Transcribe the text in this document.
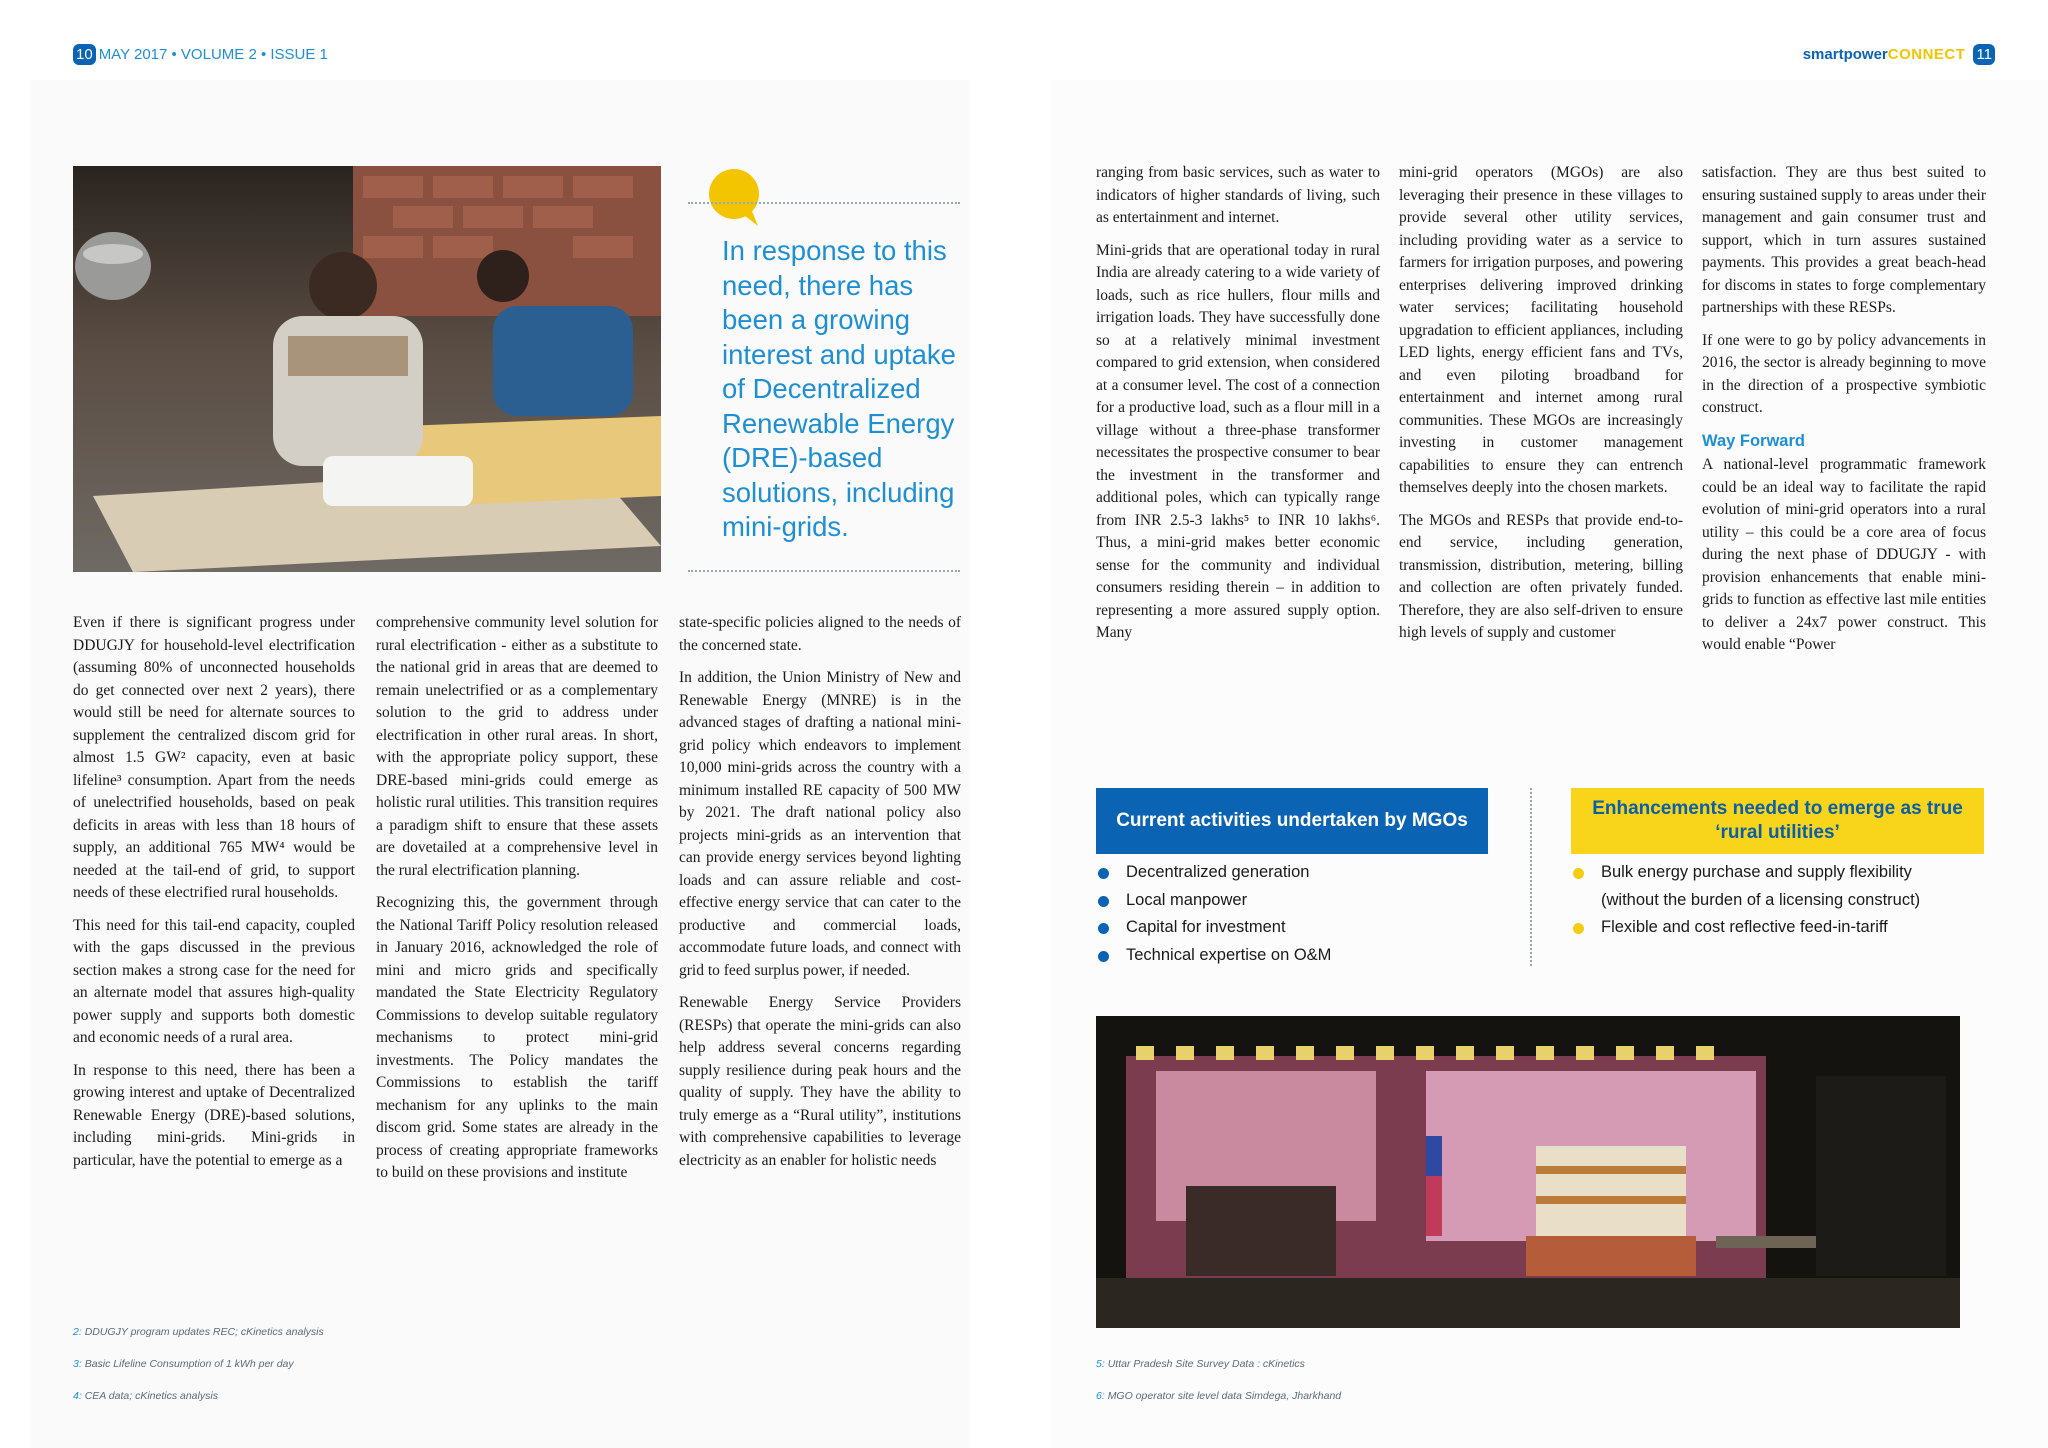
10 MAY 2017 • VOLUME 2 • ISSUE 1	smartpower CONNECT 11
In response to this need, there has been a growing interest and uptake of Decentralized Renewable Energy (DRE)-based solutions, including mini-grids.

Even if there is significant progress under DDUGJY for household-level electrification (assuming 80% of unconnected households do get connected over next 2 years), there would still be need for alternate sources to supplement the centralized discom grid for almost 1.5 GW² capacity, even at basic lifeline³ consumption. Apart from the needs of unelectrified households, based on peak deficits in areas with less than 18 hours of supply, an additional 765 MW⁴ would be needed at the tail-end of grid, to support needs of these electrified rural households.

This need for this tail-end capacity, coupled with the gaps discussed in the previous section makes a strong case for the need for an alternate model that assures high-quality power supply and supports both domestic and economic needs of a rural area.

In response to this need, there has been a growing interest and uptake of Decentralized Renewable Energy (DRE)-based solutions, including mini-grids. Mini-grids in particular, have the potential to emerge as a

comprehensive community level solution for rural electrification - either as a substitute to the national grid in areas that are deemed to remain unelectrified or as a complementary solution to the grid to address under electrification in other rural areas. In short, with the appropriate policy support, these DRE-based mini-grids could emerge as holistic rural utilities. This transition requires a paradigm shift to ensure that these assets are dovetailed at a comprehensive level in the rural electrification planning.

Recognizing this, the government through the National Tariff Policy resolution released in January 2016, acknowledged the role of mini and micro grids and specifically mandated the State Electricity Regulatory Commissions to develop suitable regulatory mechanisms to protect mini-grid investments. The Policy mandates the Commissions to establish the tariff mechanism for any uplinks to the main discom grid. Some states are already in the process of creating appropriate frameworks to build on these provisions and institute

state-specific policies aligned to the needs of the concerned state.

In addition, the Union Ministry of New and Renewable Energy (MNRE) is in the advanced stages of drafting a national mini-grid policy which endeavors to implement 10,000 mini-grids across the country with a minimum installed RE capacity of 500 MW by 2021. The draft national policy also projects mini-grids as an intervention that can provide energy services beyond lighting loads and can assure reliable and cost-effective energy service that can cater to the productive and commercial loads, accommodate future loads, and connect with grid to feed surplus power, if needed.

Renewable Energy Service Providers (RESPs) that operate the mini-grids can also help address several concerns regarding supply resilience during peak hours and the quality of supply. They have the ability to truly emerge as a “Rural utility”, institutions with comprehensive capabilities to leverage electricity as an enabler for holistic needs

2: DDUGJY program updates REC; cKinetics analysis
3: Basic Lifeline Consumption of 1 kWh per day
4: CEA data; cKinetics analysis

ranging from basic services, such as water to indicators of higher standards of living, such as entertainment and internet.

Mini-grids that are operational today in rural India are already catering to a wide variety of loads, such as rice hullers, flour mills and irrigation loads. They have successfully done so at a relatively minimal investment compared to grid extension, when considered at a consumer level. The cost of a connection for a productive load, such as a flour mill in a village without a three-phase transformer necessitates the prospective consumer to bear the investment in the transformer and additional poles, which can typically range from INR 2.5-3 lakhs⁵ to INR 10 lakhs⁶. Thus, a mini-grid makes better economic sense for the community and individual consumers residing therein – in addition to representing a more assured supply option. Many

mini-grid operators (MGOs) are also leveraging their presence in these villages to provide several other utility services, including providing water as a service to farmers for irrigation purposes, and powering enterprises delivering improved drinking water services; facilitating household upgradation to efficient appliances, including LED lights, energy efficient fans and TVs, and even piloting broadband for entertainment and internet among rural communities. These MGOs are increasingly investing in customer management capabilities to ensure they can entrench themselves deeply into the chosen markets.

The MGOs and RESPs that provide end-to-end service, including generation, transmission, distribution, metering, billing and collection are often privately funded. Therefore, they are also self-driven to ensure high levels of supply and customer

satisfaction. They are thus best suited to ensuring sustained supply to areas under their management and gain consumer trust and support, which in turn assures sustained payments. This provides a great beach-head for discoms in states to forge complementary partnerships with these RESPs.

If one were to go by policy advancements in 2016, the sector is already beginning to move in the direction of a prospective symbiotic construct.

Way Forward

A national-level programmatic framework could be an ideal way to facilitate the rapid evolution of mini-grid operators into a rural utility – this could be a core area of focus during the next phase of DDUGJY - with provision enhancements that enable mini-grids to function as effective last mile entities to deliver a 24x7 power construct. This would enable “Power

Current activities undertaken by MGOs
Decentralized generation
Local manpower
Capital for investment
Technical expertise on O&M
Enhancements needed to emerge as true ‘rural utilities’
Bulk energy purchase and supply flexibility
(without the burden of a licensing construct)
Flexible and cost reflective feed-in-tariff
5: Uttar Pradesh Site Survey Data : cKinetics
6: MGO operator site level data Simdega, Jharkhand
